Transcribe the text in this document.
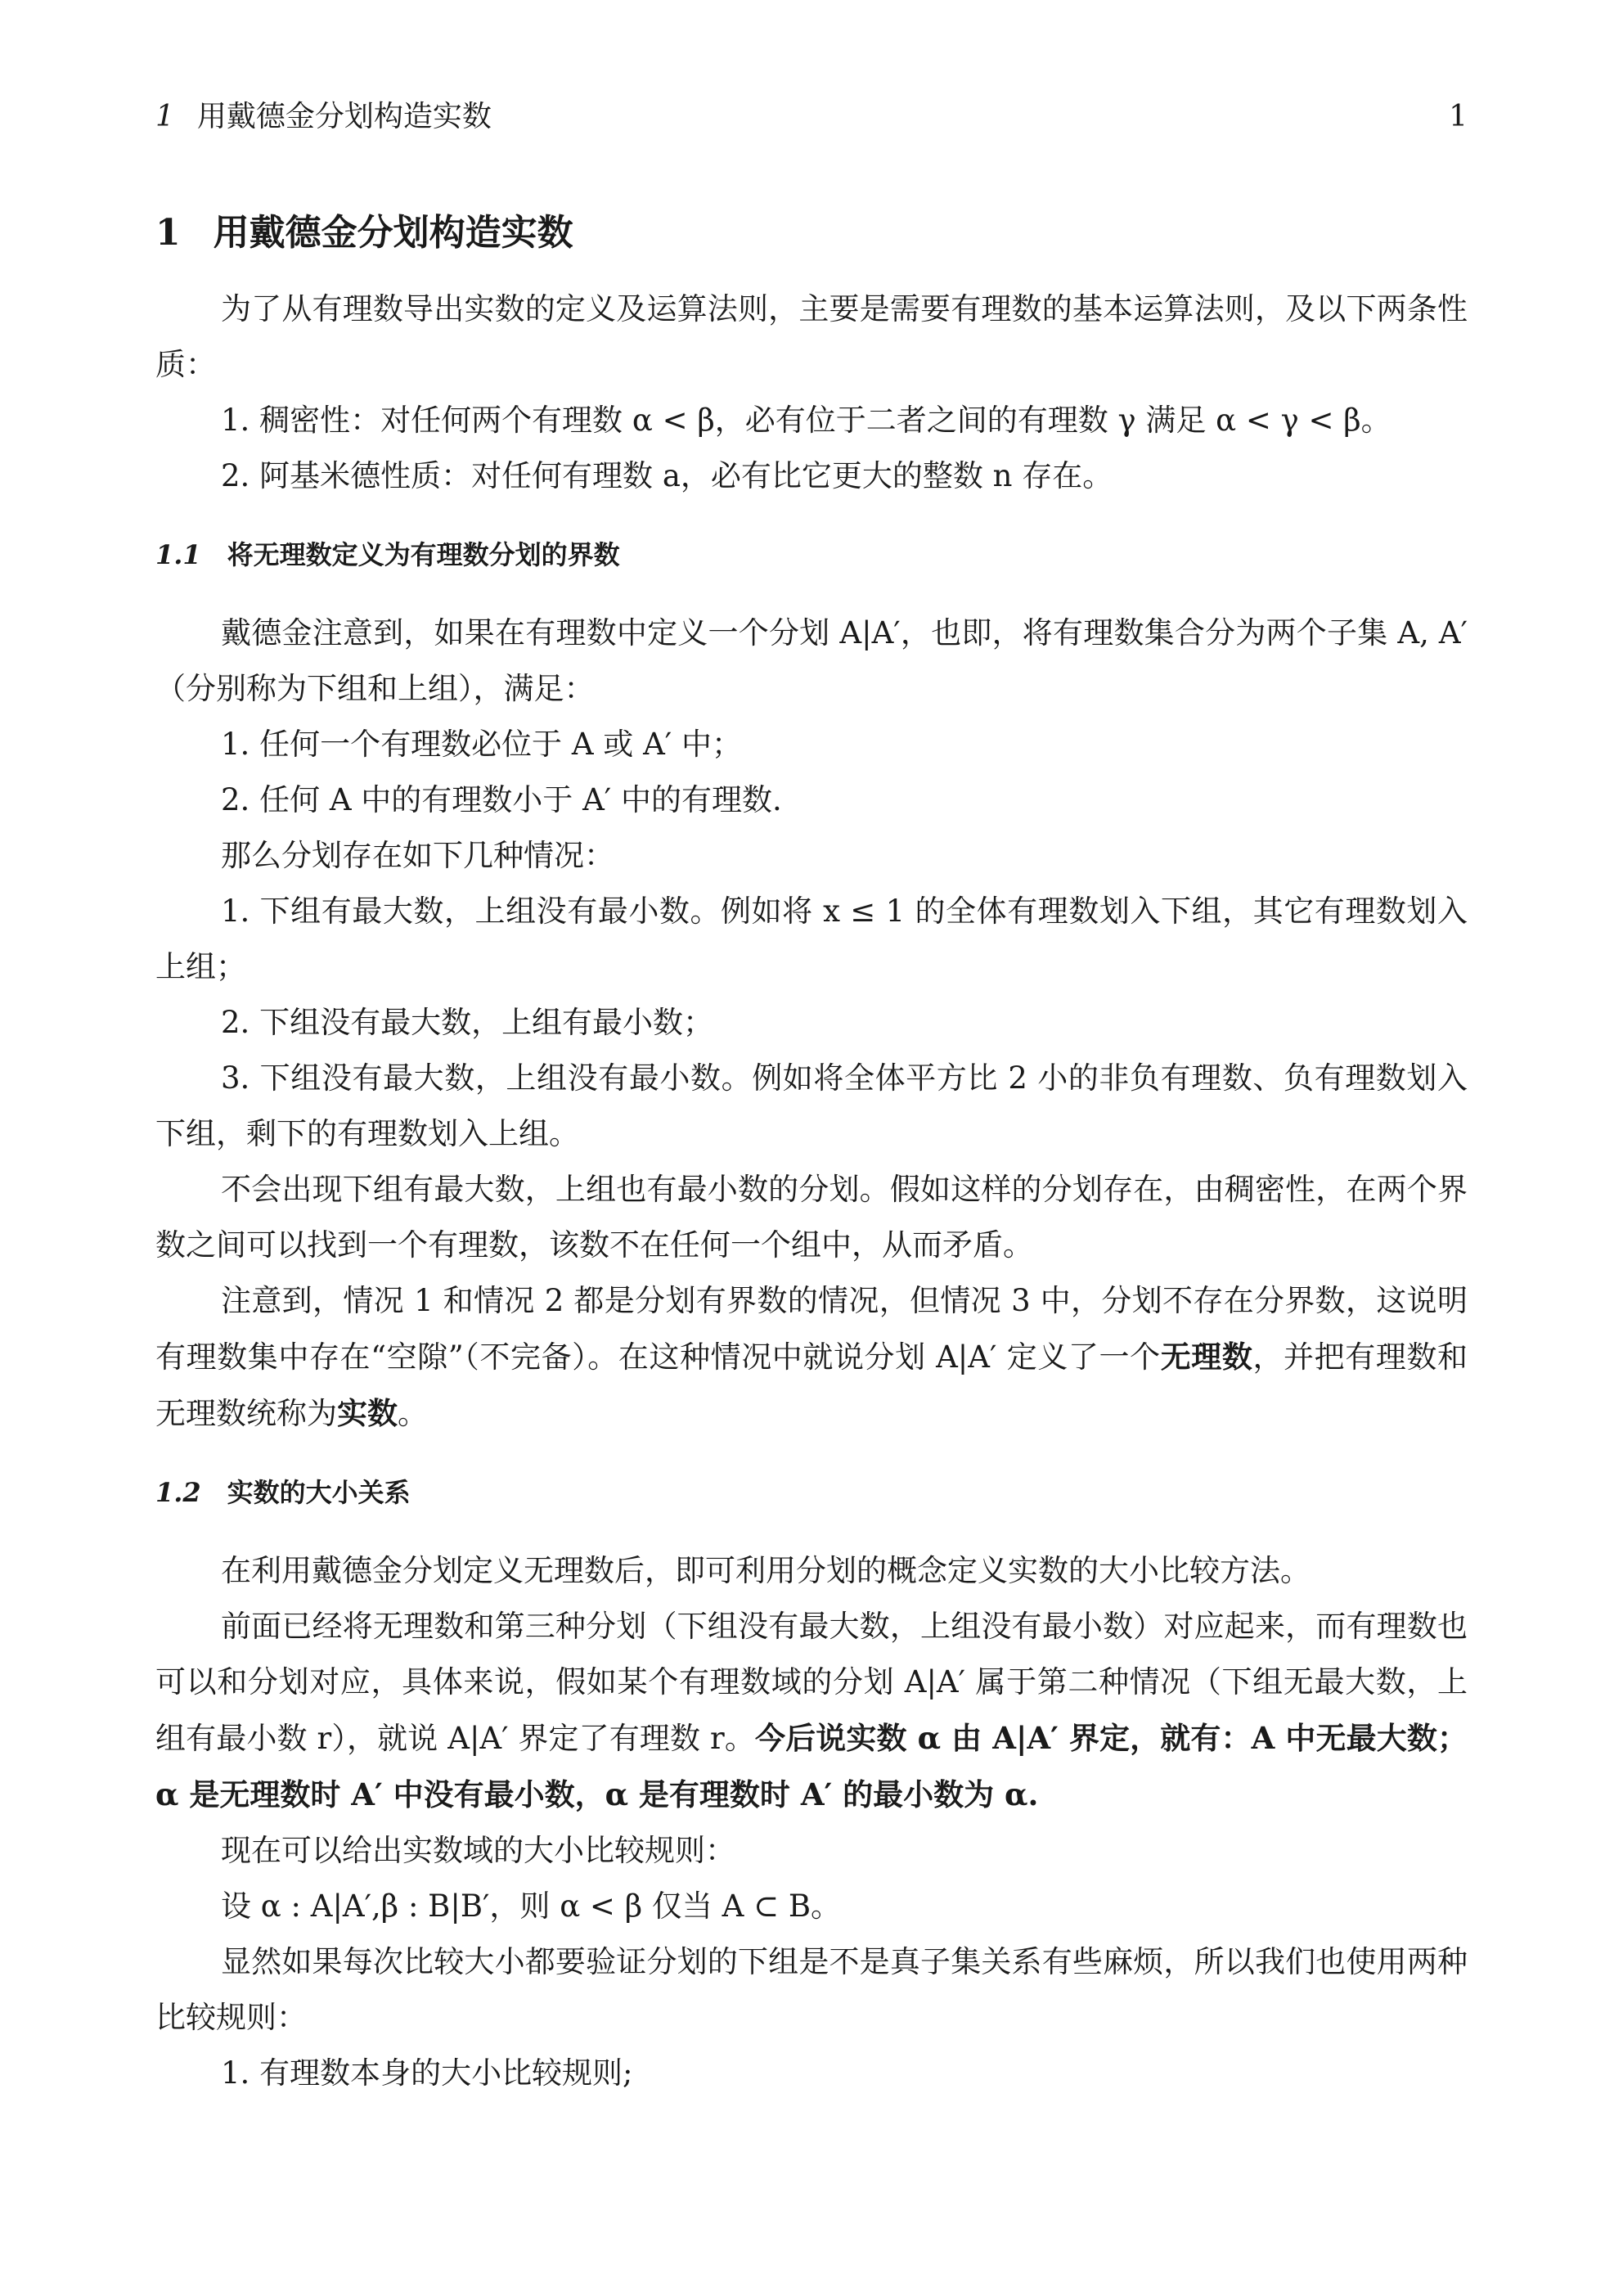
1 用戴德金分划构造实数	1
1 用戴德金分划构造实数

为了从有理数导出实数的定义及运算法则，主要是需要有理数的基本运算法则，及以下两条性质：

1. 稠密性：对任何两个有理数 α < β，必有位于二者之间的有理数 γ 满足 α < γ < β。

2. 阿基米德性质：对任何有理数 a，必有比它更大的整数 n 存在。

1.1 将无理数定义为有理数分划的界数

戴德金注意到，如果在有理数中定义一个分划 A|A′，也即，将有理数集合分为两个子集 A, A′（分别称为下组和上组），满足：

1. 任何一个有理数必位于 A 或 A′ 中；

2. 任何 A 中的有理数小于 A′ 中的有理数.

那么分划存在如下几种情况：

1. 下组有最大数，上组没有最小数。例如将 x ≤ 1 的全体有理数划入下组，其它有理数划入上组；

2. 下组没有最大数，上组有最小数；

3. 下组没有最大数，上组没有最小数。例如将全体平方比 2 小的非负有理数、负有理数划入下组，剩下的有理数划入上组。

不会出现下组有最大数，上组也有最小数的分划。假如这样的分划存在，由稠密性，在两个界数之间可以找到一个有理数，该数不在任何一个组中，从而矛盾。

注意到，情况 1 和情况 2 都是分划有界数的情况，但情况 3 中，分划不存在分界数，这说明有理数集中存在“空隙”（不完备）。在这种情况中就说分划 A|A′ 定义了一个无理数，并把有理数和无理数统称为实数。

1.2 实数的大小关系

在利用戴德金分划定义无理数后，即可利用分划的概念定义实数的大小比较方法。

前面已经将无理数和第三种分划（下组没有最大数，上组没有最小数）对应起来，而有理数也可以和分划对应，具体来说，假如某个有理数域的分划 A|A′ 属于第二种情况（下组无最大数，上组有最小数 r），就说 A|A′ 界定了有理数 r。今后说实数 α 由 A|A′ 界定，就有：A 中无最大数；α 是无理数时 A′ 中没有最小数，α 是有理数时 A′ 的最小数为 α.

现在可以给出实数域的大小比较规则：

设 α : A|A′,β : B|B′，则 α < β 仅当 A ⊂ B。

显然如果每次比较大小都要验证分划的下组是不是真子集关系有些麻烦，所以我们也使用两种比较规则：

1. 有理数本身的大小比较规则;
